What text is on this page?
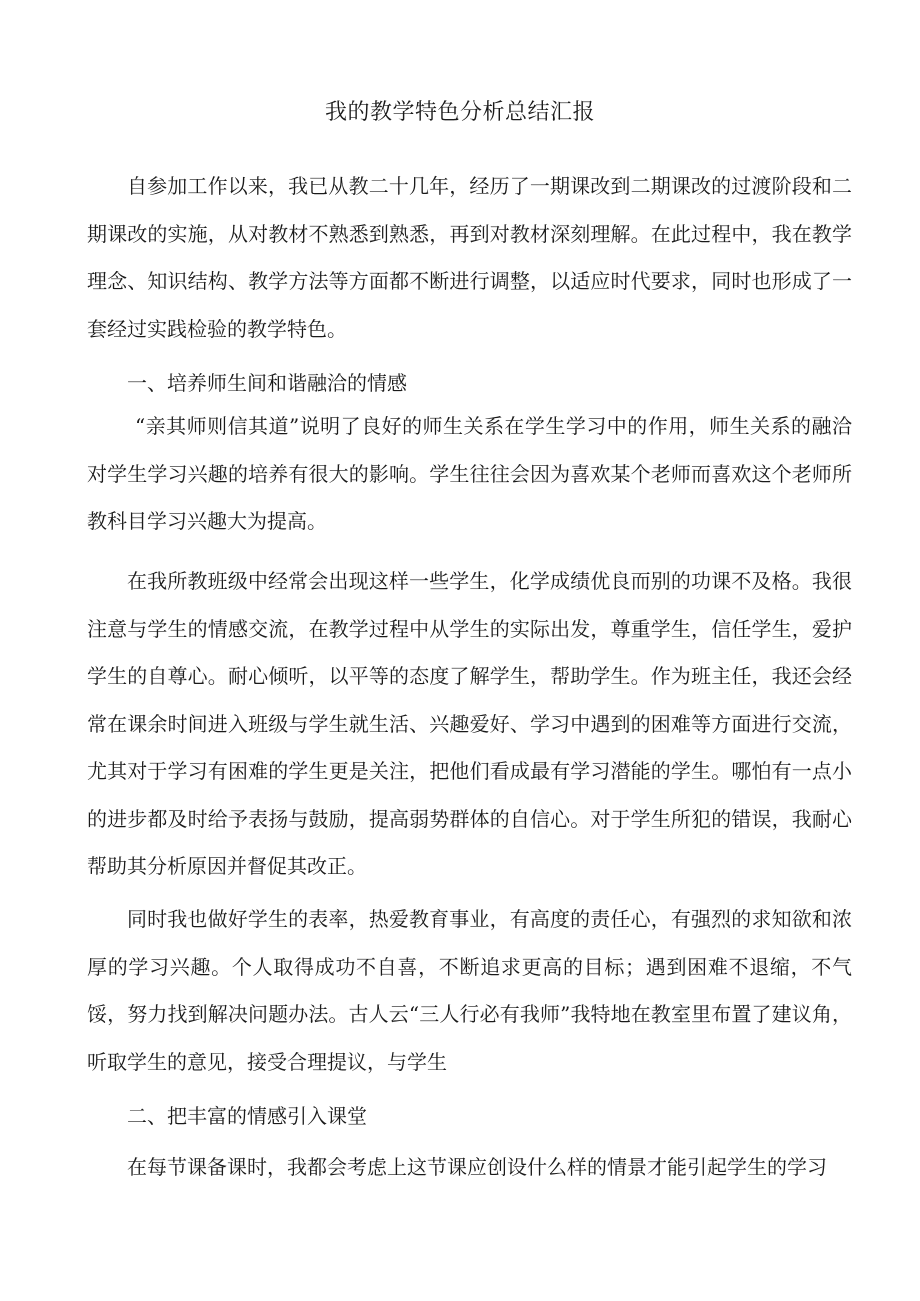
我的教学特色分析总结汇报

自参加工作以来，我已从教二十几年，经历了一期课改到二期课改的过渡阶段和二期课改的实施，从对教材不熟悉到熟悉，再到对教材深刻理解。在此过程中，我在教学理念、知识结构、教学方法等方面都不断进行调整，以适应时代要求，同时也形成了一套经过实践检验的教学特色。

一、培养师生间和谐融洽的情感

“亲其师则信其道”说明了良好的师生关系在学生学习中的作用，师生关系的融洽对学生学习兴趣的培养有很大的影响。学生往往会因为喜欢某个老师而喜欢这个老师所教科目学习兴趣大为提高。

在我所教班级中经常会出现这样一些学生，化学成绩优良而别的功课不及格。我很注意与学生的情感交流，在教学过程中从学生的实际出发，尊重学生，信任学生，爱护学生的自尊心。耐心倾听，以平等的态度了解学生，帮助学生。作为班主任，我还会经常在课余时间进入班级与学生就生活、兴趣爱好、学习中遇到的困难等方面进行交流，尤其对于学习有困难的学生更是关注，把他们看成最有学习潜能的学生。哪怕有一点小的进步都及时给予表扬与鼓励，提高弱势群体的自信心。对于学生所犯的错误，我耐心帮助其分析原因并督促其改正。

同时我也做好学生的表率，热爱教育事业，有高度的责任心，有强烈的求知欲和浓厚的学习兴趣。个人取得成功不自喜，不断追求更高的目标；遇到困难不退缩，不气馁，努力找到解决问题办法。古人云“三人行必有我师”我特地在教室里布置了建议角，听取学生的意见，接受合理提议，与学生

二、把丰富的情感引入课堂

在每节课备课时，我都会考虑上这节课应创设什么样的情景才能引起学生的学习
